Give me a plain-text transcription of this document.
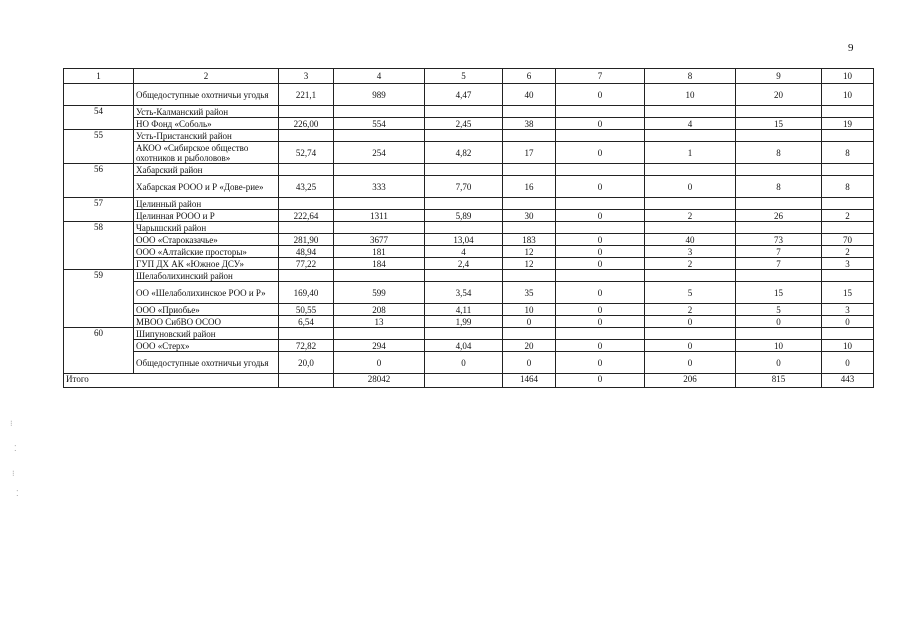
9
1	2	3	4	5	6	7	8	9	10
	Общедоступные охотничьи угодья	221,1	989	4,47	40	0	10	20	10
54	Усть-Калманский район								
	НО Фонд «Соболь»	226,00	554	2,45	38	0	4	15	19
55	Усть-Пристанский район								
	АКОО «Сибирское общество охотников и рыболовов»	52,74	254	4,82	17	0	1	8	8
56	Хабарский район								
	Хабарская РООО и Р «Дове-рие»	43,25	333	7,70	16	0	0	8	8
57	Целинный район								
	Целинная РООО и Р	222,64	1311	5,89	30	0	2	26	2
58	Чарышский район								
	ООО «Староказачье»	281,90	3677	13,04	183	0	40	73	70
	ООО «Алтайские просторы»	48,94	181	4	12	0	3	7	2
	ГУП ДХ АК «Южное ДСУ»	77,22	184	2,4	12	0	2	7	3
59	Шелаболихинский район								
	ОО «Шелаболихинское РОО и Р»	169,40	599	3,54	35	0	5	15	15
	ООО «Приобье»	50,55	208	4,11	10	0	2	5	3
	МВОО СибВО ОСОО	6,54	13	1,99	0	0	0	0	0
60	Шипуновский район								
	ООО «Стерх»	72,82	294	4,04	20	0	0	10	10
	Общедоступные охотничьи угодья	20,0	0	0	0	0	0	0	0
Итого			28042		1464	0	206	815	443
⁝
⁚
⁝
⁚
